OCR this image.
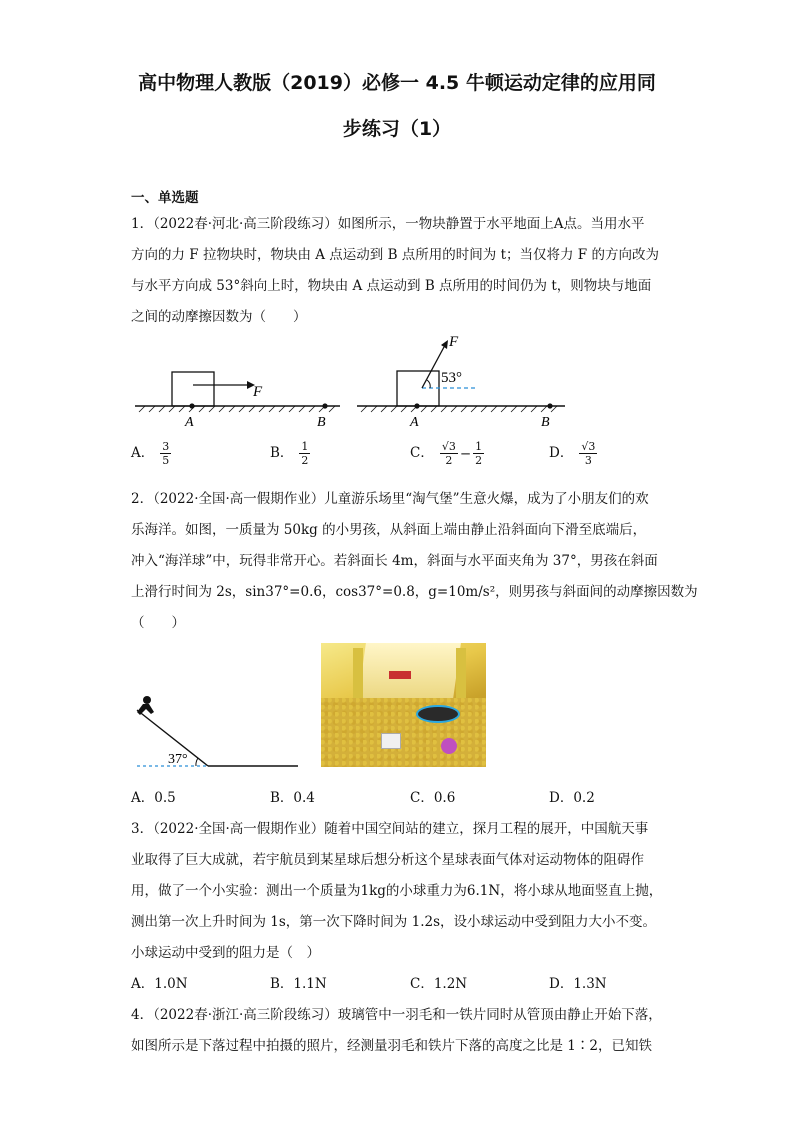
高中物理人教版（2019）必修一 4.5 牛顿运动定律的应用同
步练习（1）
一、单选题
1．（2022春·河北·高三阶段练习）如图所示，一物块静置于水平地面上A点。当用水平
方向的力 F 拉物块时，物块由 A 点运动到 B 点所用的时间为 t；当仅将力 F 的方向改为
与水平方向成 53°斜向上时，物块由 A 点运动到 B 点所用的时间仍为 t，则物块与地面
之间的动摩擦因数为（　　）
F
A	B
F
53°
A	B
A． $\frac{3}{5}$	B． $\frac{1}{2}$	C． $\frac{√3}{2} - \frac{1}{2}$	D． $\frac{√3}{3}$
2．（2022·全国·高一假期作业）儿童游乐场里“淘气堡”生意火爆，成为了小朋友们的欢
乐海洋。如图，一质量为 50kg 的小男孩，从斜面上端由静止沿斜面向下滑至底端后，
冲入“海洋球”中，玩得非常开心。若斜面长 4m，斜面与水平面夹角为 37°，男孩在斜面
上滑行时间为 2s，sin37°=0.6，cos37°=0.8，g=10m/s²，则男孩与斜面间的动摩擦因数为
（　　）
37°
A．0.5	B．0.4	C．0.6	D．0.2
3．（2022·全国·高一假期作业）随着中国空间站的建立，探月工程的展开，中国航天事
业取得了巨大成就，若宇航员到某星球后想分析这个星球表面气体对运动物体的阻碍作
用，做了一个小实验：测出一个质量为1kg的小球重力为6.1N，将小球从地面竖直上抛，
测出第一次上升时间为 1s，第一次下降时间为 1.2s，设小球运动中受到阻力大小不变。
小球运动中受到的阻力是（　）
A．1.0N	B．1.1N	C．1.2N	D．1.3N
4．（2022春·浙江·高三阶段练习）玻璃管中一羽毛和一铁片同时从管顶由静止开始下落，
如图所示是下落过程中拍摄的照片，经测量羽毛和铁片下落的高度之比是 1∶2，已知铁
